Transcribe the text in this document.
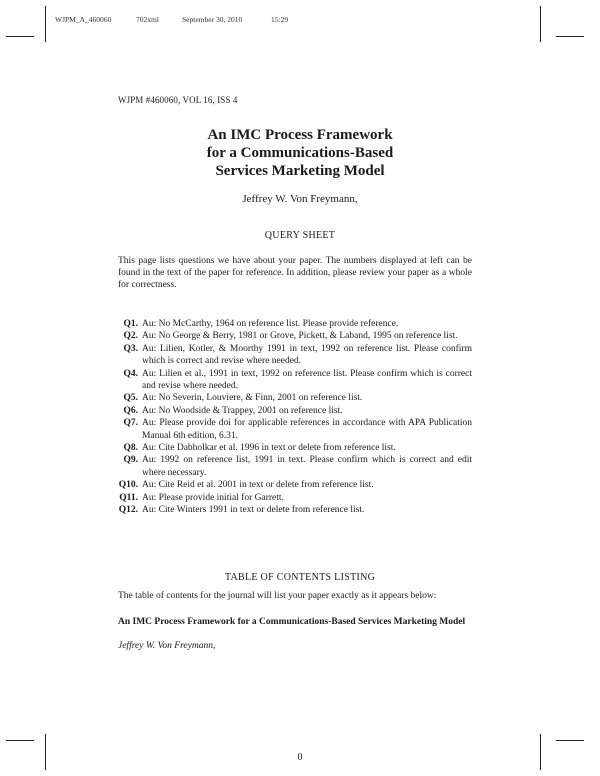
WJPM_A_460060	702xml	September 30, 2010	15:29
WJPM #460060, VOL 16, ISS 4
An IMC Process Framework
for a Communications-Based
Services Marketing Model
Jeffrey W. Von Freymann,
QUERY SHEET
This page lists questions we have about your paper. The numbers displayed at left can be found in the text of the paper for reference. In addition, please review your paper as a whole for correctness.
Q1. Au: No McCarthy, 1964 on reference list. Please provide reference.
Q2. Au: No George & Berry, 1981 or Grove, Pickett, & Laband, 1995 on reference list.
Q3. Au: Lilien, Kotler, & Moorthy 1991 in text, 1992 on reference list. Please confirm which is correct and revise where needed.
Q4. Au: Lilien et al., 1991 in text, 1992 on reference list. Please confirm which is correct and revise where needed.
Q5. Au: No Severin, Louviere, & Finn, 2001 on reference list.
Q6. Au: No Woodside & Trappey, 2001 on reference list.
Q7. Au: Please provide doi for applicable references in accordance with APA Publication Manual 6th edition, 6.31.
Q8. Au: Cite Dabholkar et al. 1996 in text or delete from reference list.
Q9. Au: 1992 on reference list, 1991 in text. Please confirm which is correct and edit where necessary.
Q10. Au: Cite Reid et al. 2001 in text or delete from reference list.
Q11. Au: Please provide initial for Garrett.
Q12. Au: Cite Winters 1991 in text or delete from reference list.
TABLE OF CONTENTS LISTING
The table of contents for the journal will list your paper exactly as it appears below:
An IMC Process Framework for a Communications-Based Services Marketing Model
Jeffrey W. Von Freymann,
0
